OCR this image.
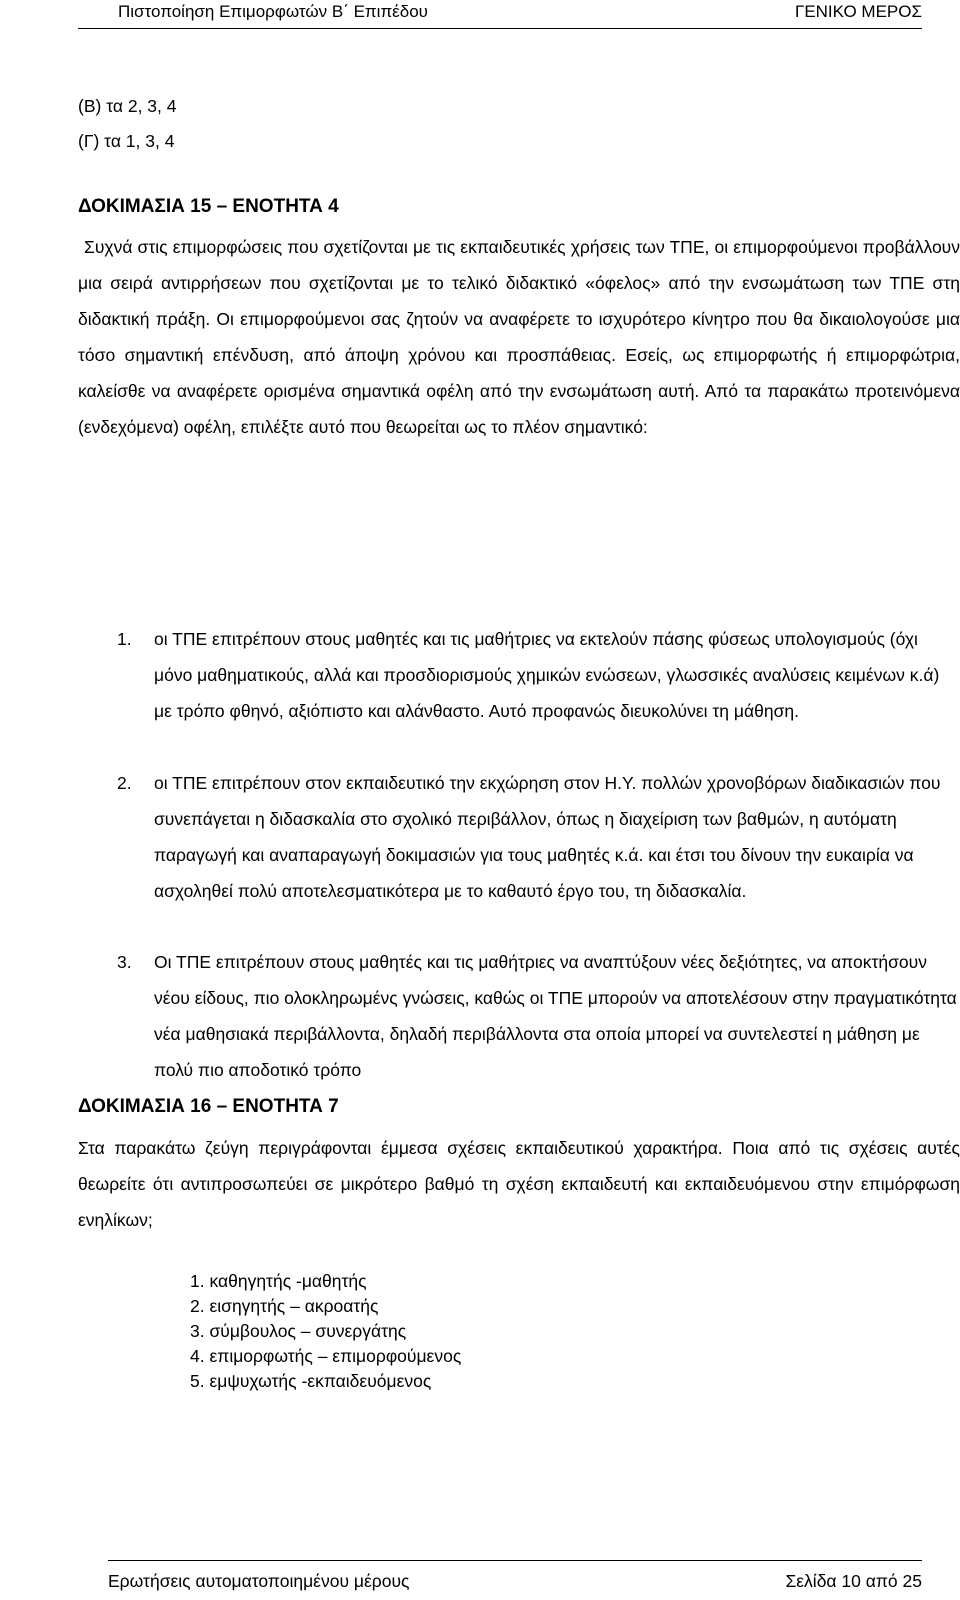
Πιστοποίηση Επιμορφωτών Β΄ Επιπέδου	ΓΕΝΙΚΟ ΜΕΡΟΣ
(Β) τα 2, 3, 4
(Γ) τα 1, 3, 4
ΔΟΚΙΜΑΣΙΑ 15 – ΕΝΟΤΗΤΑ 4

Συχνά στις επιμορφώσεις που σχετίζονται με τις εκπαιδευτικές χρήσεις των ΤΠΕ, οι επιμορφούμενοι προβάλλουν μια σειρά αντιρρήσεων που σχετίζονται με το τελικό διδακτικό «όφελος» από την ενσωμάτωση των ΤΠΕ στη διδακτική πράξη. Οι επιμορφούμενοι σας ζητούν να αναφέρετε το ισχυρότερο κίνητρο που θα δικαιολογούσε μια τόσο σημαντική επένδυση, από άποψη χρόνου και προσπάθειας. Εσείς, ως επιμορφωτής ή επιμορφώτρια, καλείσθε να αναφέρετε ορισμένα σημαντικά οφέλη από την ενσωμάτωση αυτή. Από τα παρακάτω προτεινόμενα (ενδεχόμενα) οφέλη, επιλέξτε αυτό που θεωρείται ως το πλέον σημαντικό:

1. οι ΤΠΕ επιτρέπουν στους μαθητές και τις μαθήτριες να εκτελούν πάσης φύσεως υπολογισμούς (όχι μόνο μαθηματικούς, αλλά και προσδιορισμούς χημικών ενώσεων, γλωσσικές αναλύσεις κειμένων κ.ά) με τρόπο φθηνό, αξιόπιστο και αλάνθαστο. Αυτό προφανώς διευκολύνει τη μάθηση.

2. οι ΤΠΕ επιτρέπουν στον εκπαιδευτικό την εκχώρηση στον Η.Υ. πολλών χρονοβόρων διαδικασιών που συνεπάγεται η διδασκαλία στο σχολικό περιβάλλον, όπως η διαχείριση των βαθμών, η αυτόματη παραγωγή και αναπαραγωγή δοκιμασιών για τους μαθητές κ.ά. και έτσι του δίνουν την ευκαιρία να ασχοληθεί πολύ αποτελεσματικότερα με το καθαυτό έργο του, τη διδασκαλία.

3. Οι ΤΠΕ επιτρέπουν στους μαθητές και τις μαθήτριες να αναπτύξουν νέες δεξιότητες, να αποκτήσουν νέου είδους, πιο ολοκληρωμένς γνώσεις, καθώς οι ΤΠΕ μπορούν να αποτελέσουν στην πραγματικότητα νέα μαθησιακά περιβάλλοντα, δηλαδή περιβάλλοντα στα οποία μπορεί να συντελεστεί η μάθηση με πολύ πιο αποδοτικό τρόπο

ΔΟΚΙΜΑΣΙΑ 16 – ΕΝΟΤΗΤΑ 7

Στα παρακάτω ζεύγη περιγράφονται έμμεσα σχέσεις εκπαιδευτικού χαρακτήρα. Ποια από τις σχέσεις αυτές θεωρείτε ότι αντιπροσωπεύει σε μικρότερο βαθμό τη σχέση εκπαιδευτή και εκπαιδευόμενου στην επιμόρφωση ενηλίκων;

1. καθηγητής -μαθητής
2. εισηγητής – ακροατής
3. σύμβουλος – συνεργάτης
4. επιμορφωτής – επιμορφούμενος
5. εμψυχωτής -εκπαιδευόμενος
Ερωτήσεις αυτοματοποιημένου μέρους	Σελίδα 10 από 25
